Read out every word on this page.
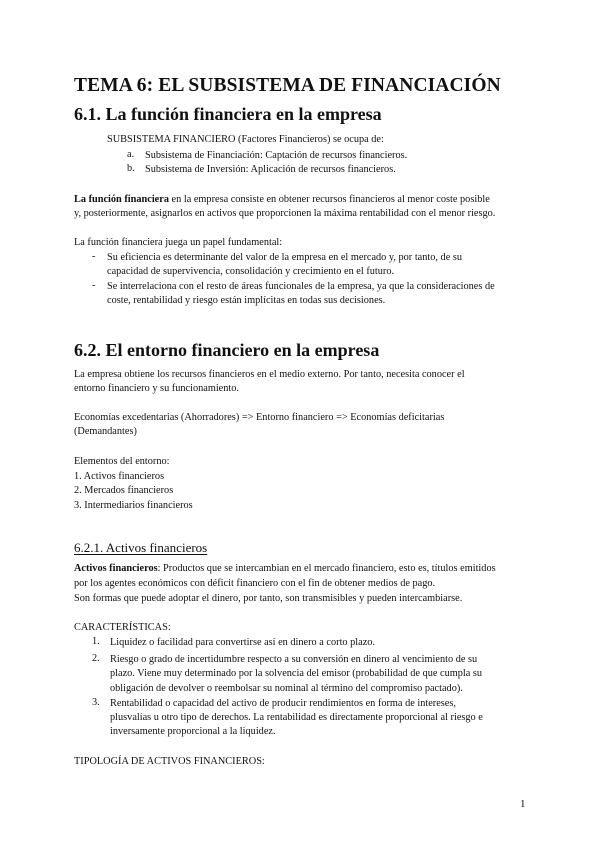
TEMA 6: EL SUBSISTEMA DE FINANCIACIÓN
6.1. La función financiera en la empresa

SUBSISTEMA FINANCIERO (Factores Financieros) se ocupa de:

a. Subsistema de Financiación: Captación de recursos financieros.

b. Subsistema de Inversión: Aplicación de recursos financieros.

La función financiera en la empresa consiste en obtener recursos financieros al menor coste posible

y, posteriormente, asignarlos en activos que proporcionen la máxima rentabilidad con el menor riesgo.

La función financiera juega un papel fundamental:

- Su eficiencia es determinante del valor de la empresa en el mercado y, por tanto, de su

capacidad de supervivencia, consolidación y crecimiento en el futuro.

- Se interrelaciona con el resto de áreas funcionales de la empresa, ya que la consideraciones de

coste, rentabilidad y riesgo están implícitas en todas sus decisiones.

6.2. El entorno financiero en la empresa

La empresa obtiene los recursos financieros en el medio externo. Por tanto, necesita conocer el

entorno financiero y su funcionamiento.

Economías excedentarias (Ahorradores) => Entorno financiero => Economías deficitarias

(Demandantes)

Elementos del entorno:

1. Activos financieros

2. Mercados financieros

3. Intermediarios financieros

6.2.1. Activos financieros

Activos financieros: Productos que se intercambian en el mercado financiero, esto es, títulos emitidos

por los agentes económicos con déficit financiero con el fin de obtener medios de pago.

Son formas que puede adoptar el dinero, por tanto, son transmisibles y pueden intercambiarse.

CARACTERÍSTICAS:

1. Liquidez o facilidad para convertirse así en dinero a corto plazo.

2. Riesgo o grado de incertidumbre respecto a su conversión en dinero al vencimiento de su

plazo. Viene muy determinado por la solvencia del emisor (probabilidad de que cumpla su

obligación de devolver o reembolsar su nominal al término del compromiso pactado).

3. Rentabilidad o capacidad del activo de producir rendimientos en forma de intereses,

plusvalías u otro tipo de derechos. La rentabilidad es directamente proporcional al riesgo e

inversamente proporcional a la liquidez.

TIPOLOGÍA DE ACTIVOS FINANCIEROS:

1
